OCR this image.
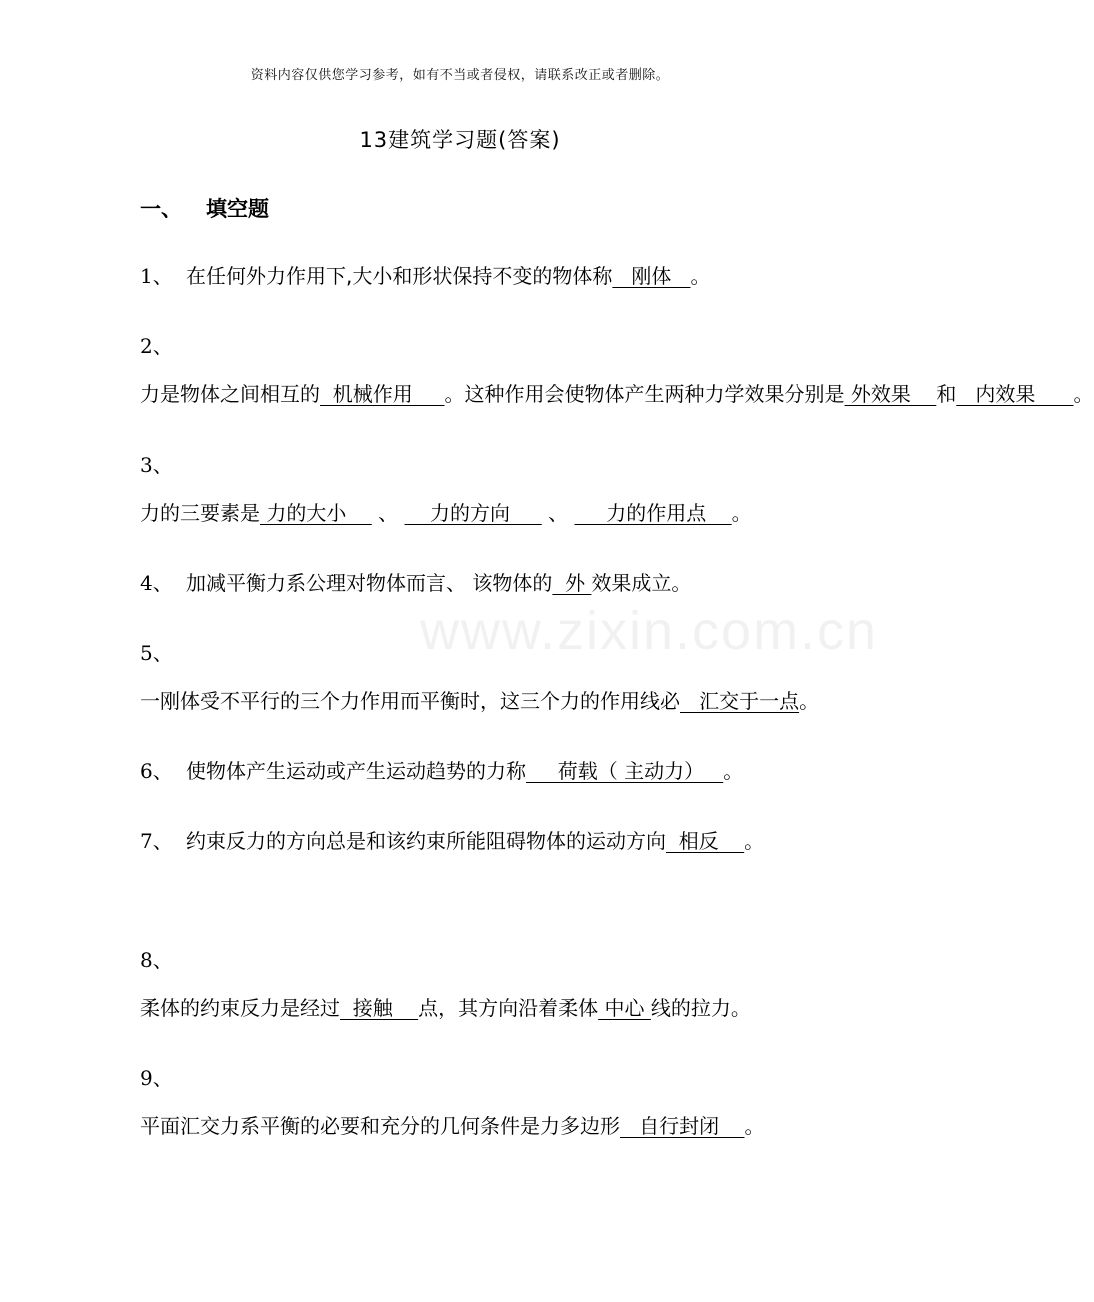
资料内容仅供您学习参考，如有不当或者侵权，请联系改正或者删除。
www.zixin.com.cn
13建筑学习题(答案)
一、 填空题
1、 在任何外力作用下,大小和形状保持不变的物体称   刚体   。
2、力是物体之间相互的  机械作用     。这种作用会使物体产生两种力学效果分别是 外效果    和   内效果      。
3、力的三要素是 力的大小     、     力的方向      、      力的作用点    。
4、 加减平衡力系公理对物体而言、 该物体的  外 效果成立。
5、一刚体受不平行的三个力作用而平衡时，这三个力的作用线必   汇交于一点。
6、 使物体产生运动或产生运动趋势的力称     荷载（ 主动力）   。
7、 约束反力的方向总是和该约束所能阻碍物体的运动方向  相反    。
8、柔体的约束反力是经过  接触    点，其方向沿着柔体 中心 线的拉力。
9、平面汇交力系平衡的必要和充分的几何条件是力多边形   自行封闭    。
